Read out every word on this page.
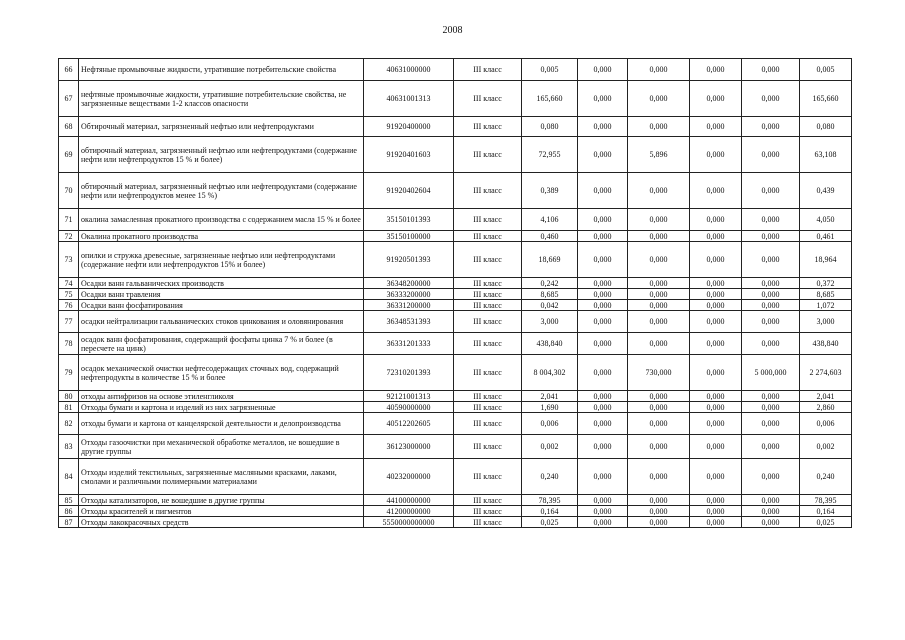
2008
66	Нефтяные промывочные жидкости, утратившие потребительские свойства	40631000000	III класс	0,005	0,000	0,000	0,000	0,000	0,005
67	нефтяные промывочные жидкости, утратившие потребительские свойства, не загрязненные веществами 1-2 классов опасности	40631001313	III класс	165,660	0,000	0,000	0,000	0,000	165,660
68	Обтирочный материал, загрязненный нефтью или нефтепродуктами	91920400000	III класс	0,080	0,000	0,000	0,000	0,000	0,080
69	обтирочный материал, загрязненный нефтью или нефтепродуктами (содержание нефти или нефтепродуктов 15 % и более)	91920401603	III класс	72,955	0,000	5,896	0,000	0,000	63,108
70	обтирочный материал, загрязненный нефтью или нефтепродуктами (содержание нефти или нефтепродуктов менее 15 %)	91920402604	III класс	0,389	0,000	0,000	0,000	0,000	0,439
71	окалина замасленная прокатного производства с содержанием масла 15 % и более	35150101393	III класс	4,106	0,000	0,000	0,000	0,000	4,050
72	Окалина прокатного производства	35150100000	III класс	0,460	0,000	0,000	0,000	0,000	0,461
73	опилки и стружка древесные, загрязненные нефтью или нефтепродуктами (содержание нефти или нефтепродуктов 15% и более)	91920501393	III класс	18,669	0,000	0,000	0,000	0,000	18,964
74	Осадки ванн гальванических производств	36348200000	III класс	0,242	0,000	0,000	0,000	0,000	0,372
75	Осадки ванн травления	36333200000	III класс	8,685	0,000	0,000	0,000	0,000	8,685
76	Осадки ванн фосфатирования	36331200000	III класс	0,042	0,000	0,000	0,000	0,000	1,072
77	осадки нейтрализации гальванических стоков цинкования и оловянирования	36348531393	III класс	3,000	0,000	0,000	0,000	0,000	3,000
78	осадок ванн фосфатирования, содержащий фосфаты цинка 7 % и более (в пересчете на цинк)	36331201333	III класс	438,840	0,000	0,000	0,000	0,000	438,840
79	осадок механической очистки нефтесодержащих сточных вод, содержащий нефтепродукты в количестве 15 % и более	72310201393	III класс	8 004,302	0,000	730,000	0,000	5 000,000	2 274,603
80	отходы антифризов на основе этиленгликоля	92121001313	III класс	2,041	0,000	0,000	0,000	0,000	2,041
81	Отходы бумаги и картона и изделий из них загрязненные	40590000000	III класс	1,690	0,000	0,000	0,000	0,000	2,860
82	отходы бумаги и картона от канцелярской деятельности и делопроизводства	40512202605	III класс	0,006	0,000	0,000	0,000	0,000	0,006
83	Отходы газоочистки при механической обработке металлов, не вошедшие в другие группы	36123000000	III класс	0,002	0,000	0,000	0,000	0,000	0,002
84	Отходы изделий текстильных, загрязненные масляными красками, лаками, смолами и различными полимерными материалами	40232000000	III класс	0,240	0,000	0,000	0,000	0,000	0,240
85	Отходы катализаторов, не вошедшие в другие группы	44100000000	III класс	78,395	0,000	0,000	0,000	0,000	78,395
86	Отходы красителей и пигментов	41200000000	III класс	0,164	0,000	0,000	0,000	0,000	0,164
87	Отходы лакокрасочных средств	5550000000000	III класс	0,025	0,000	0,000	0,000	0,000	0,025
